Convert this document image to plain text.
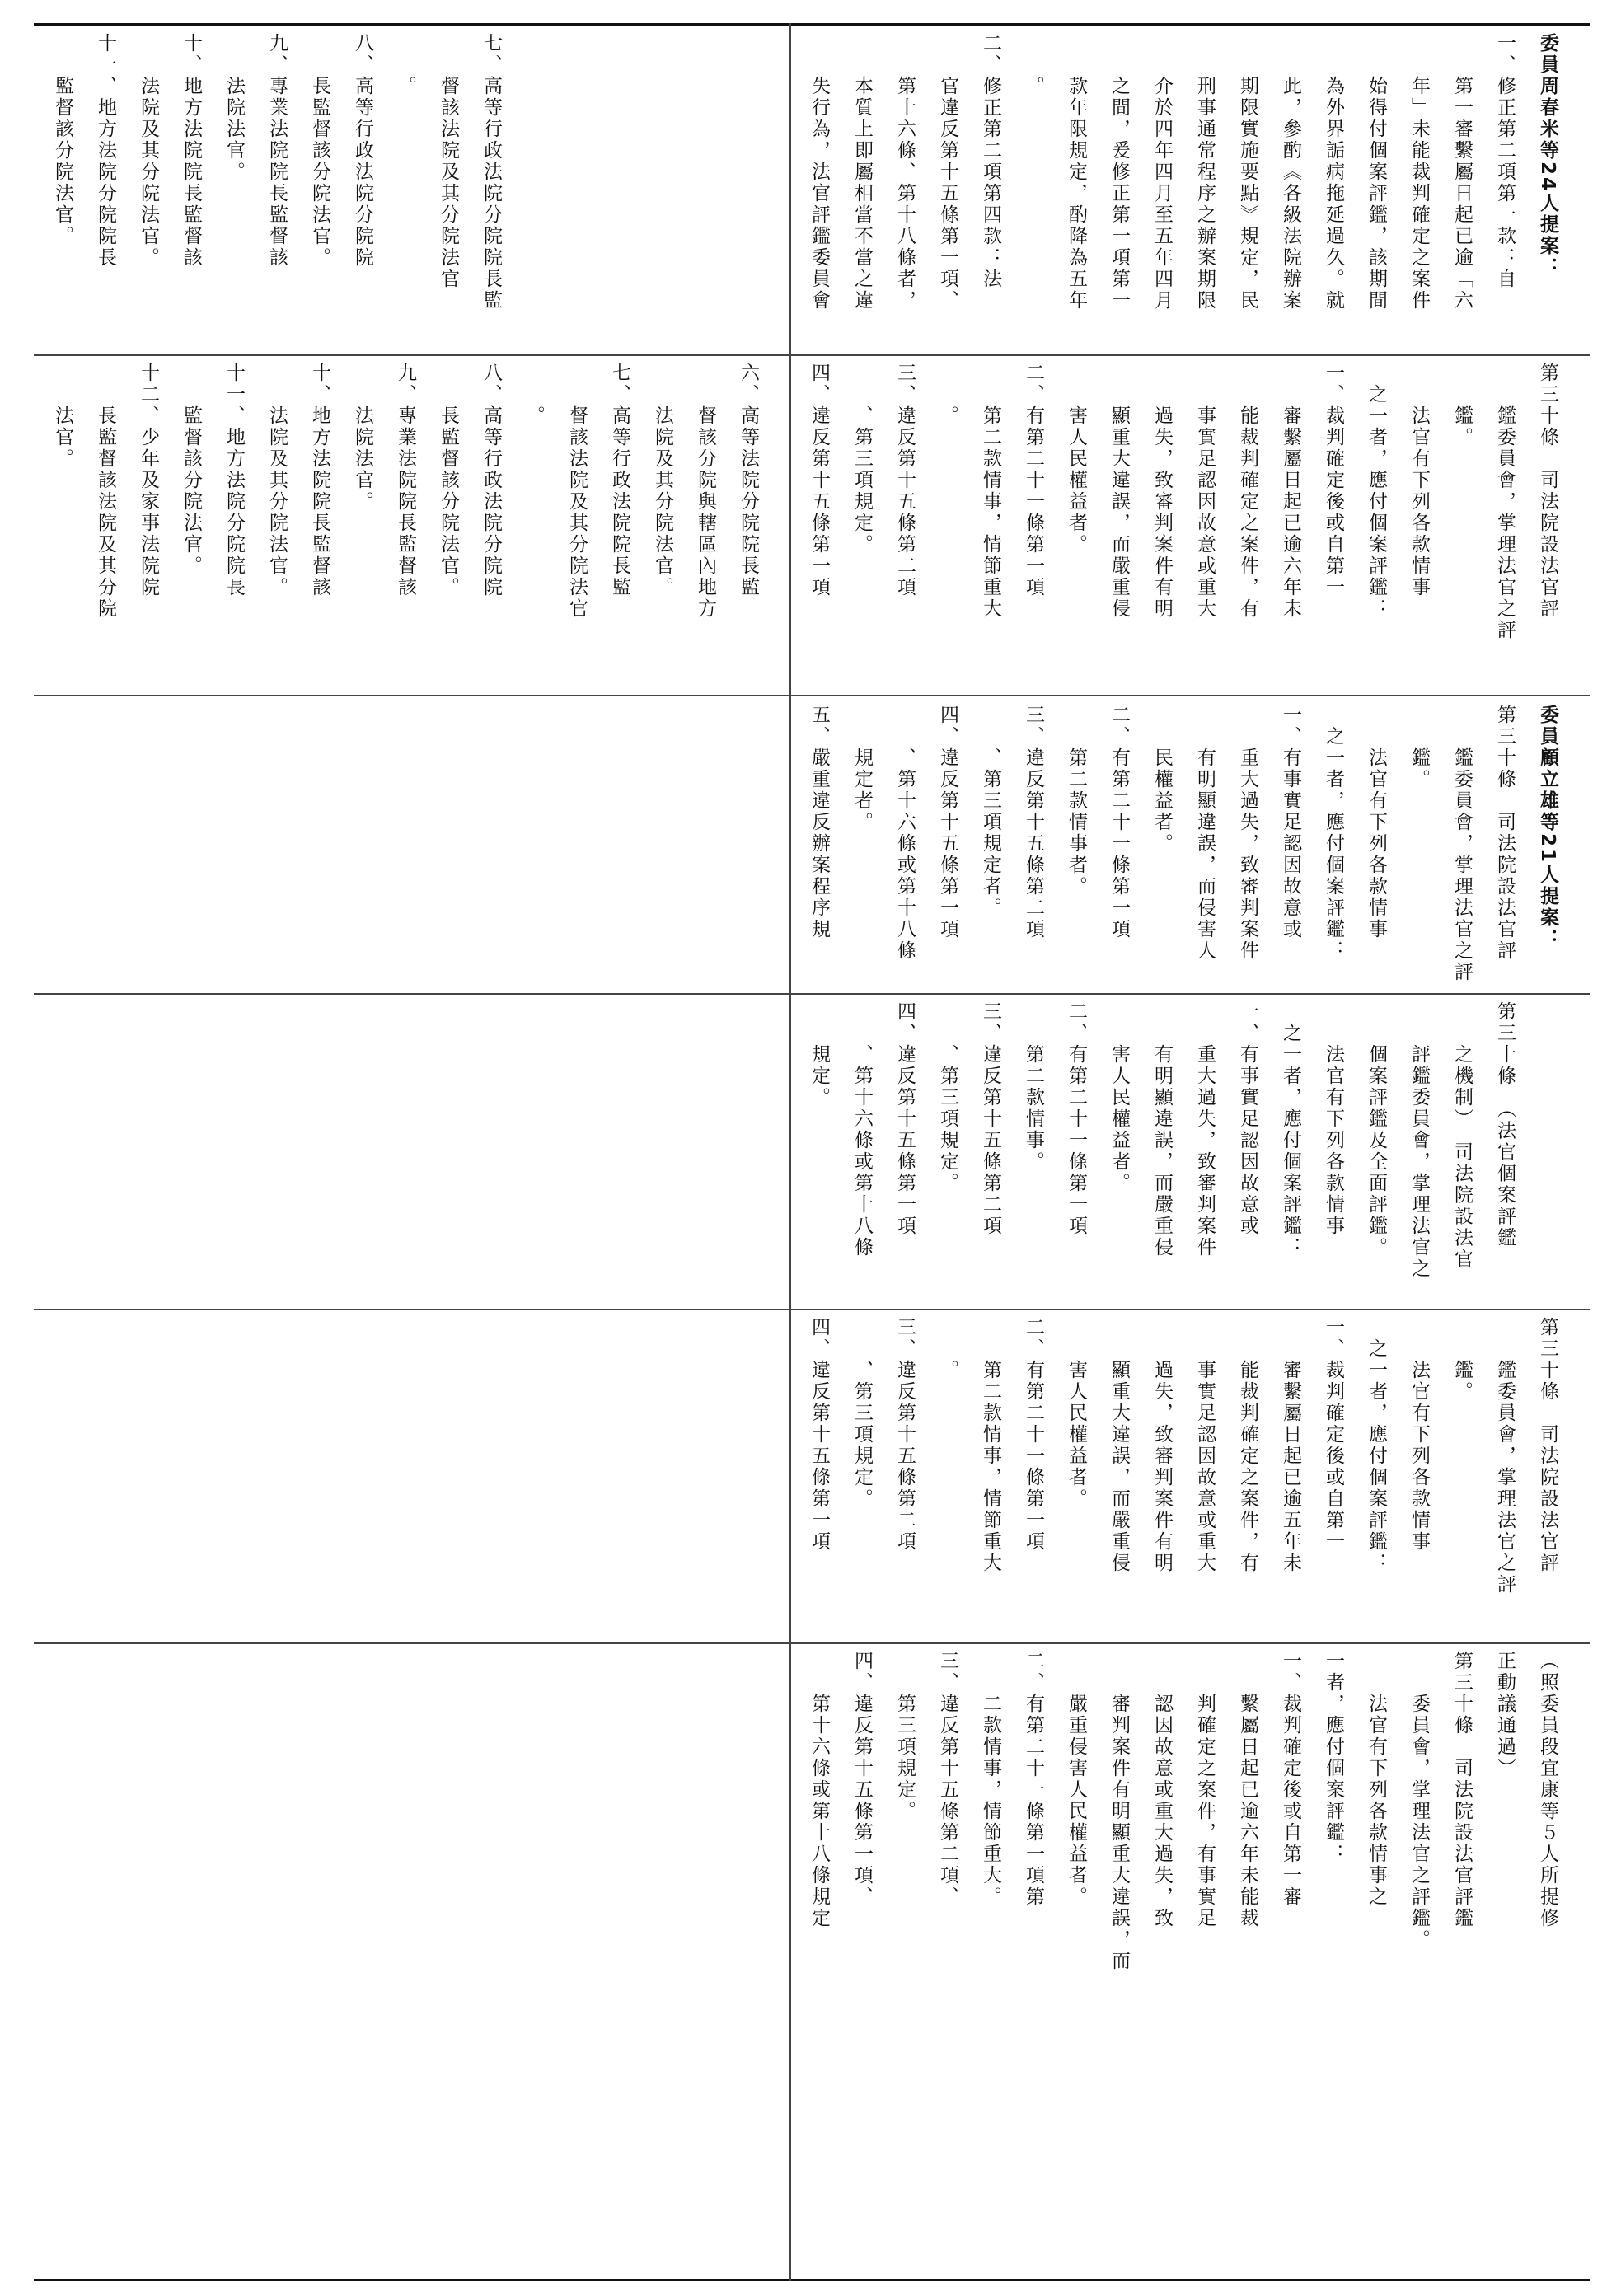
委員周春米等24人提案：
一、修正第二項第一款：自
　　第一審繫屬日起已逾「六
　　年」未能裁判確定之案件
　　始得付個案評鑑，該期間
　　為外界詬病拖延過久。就
　　此，參酌《各級法院辦案
　　期限實施要點》規定，民
　　刑事通常程序之辦案期限
　　介於四年四月至五年四月
　　之間，爰修正第一項第一
　　款年限規定，酌降為五年
　　。
二、修正第二項第四款：法
　　官違反第十五條第一項、
　　第十六條、第十八條者，
　　本質上即屬相當不當之違
　　失行為，法官評鑑委員會
第三十條　司法院設法官評
　　鑑委員會，掌理法官之評
　　鑑。
　　法官有下列各款情事
　之一者，應付個案評鑑：
一、裁判確定後或自第一
　　審繫屬日起已逾六年未
　　能裁判確定之案件，有
　　事實足認因故意或重大
　　過失，致審判案件有明
　　顯重大違誤，而嚴重侵
　　害人民權益者。
二、有第二十一條第一項
　　第二款情事，情節重大
　　。
三、違反第十五條第二項
　　、第三項規定。
四、違反第十五條第一項
七、高等行政法院分院院長監
　　督該法院及其分院法官
　　。
八、高等行政法院分院院
　　長監督該分院法官。
九、專業法院院長監督該
　　法院法官。
十、地方法院院長監督該
　　法院及其分院法官。
十一、地方法院分院院長
　　監督該分院法官。
六、高等法院分院院長監
　　督該分院與轄區內地方
　　法院及其分院法官。
七、高等行政法院院長監
　　督該法院及其分院法官
　　。
八、高等行政法院分院院
　　長監督該分院法官。
九、專業法院院長監督該
　　法院法官。
十、地方法院院長監督該
　　法院及其分院法官。
十一、地方法院分院院長
　　監督該分院法官。
十二、少年及家事法院院
　　長監督該法院及其分院
　　法官。
委員顧立雄等21人提案：
第三十條　司法院設法官評
　　鑑委員會，掌理法官之評
　　鑑。
　　法官有下列各款情事
　之一者，應付個案評鑑：
一、有事實足認因故意或
　　重大過失，致審判案件
　　有明顯違誤，而侵害人
　　民權益者。
二、有第二十一條第一項
　　第二款情事者。
三、違反第十五條第二項
　　、第三項規定者。
四、違反第十五條第一項
　　、第十六條或第十八條
　　規定者。
五、嚴重違反辦案程序規
第三十條　（法官個案評鑑
　　之機制）　司法院設法官
　　評鑑委員會，掌理法官之
　　個案評鑑及全面評鑑。
　　法官有下列各款情事
　之一者，應付個案評鑑：
一、有事實足認因故意或
　　重大過失，致審判案件
　　有明顯違誤，而嚴重侵
　　害人民權益者。
二、有第二十一條第一項
　　第二款情事。
三、違反第十五條第二項
　　、第三項規定。
四、違反第十五條第一項
　　、第十六條或第十八條
　　規定。
第三十條　司法院設法官評
　　鑑委員會，掌理法官之評
　　鑑。
　　法官有下列各款情事
　之一者，應付個案評鑑：
一、裁判確定後或自第一
　　審繫屬日起已逾五年未
　　能裁判確定之案件，有
　　事實足認因故意或重大
　　過失，致審判案件有明
　　顯重大違誤，而嚴重侵
　　害人民權益者。
二、有第二十一條第一項
　　第二款情事，情節重大
　　。
三、違反第十五條第二項
　　、第三項規定。
四、違反第十五條第一項
（照委員段宜康等５人所提修
正動議通過）
第三十條　司法院設法官評鑑
　　委員會，掌理法官之評鑑。
　　法官有下列各款情事之
一者，應付個案評鑑：
一、裁判確定後或自第一審
　　繫屬日起已逾六年未能裁
　　判確定之案件，有事實足
　　認因故意或重大過失，致
　　審判案件有明顯重大違誤，而
　　嚴重侵害人民權益者。
二、有第二十一條第一項第
　　二款情事，情節重大。
三、違反第十五條第二項、
　　第三項規定。
四、違反第十五條第一項、
　　第十六條或第十八條規定
